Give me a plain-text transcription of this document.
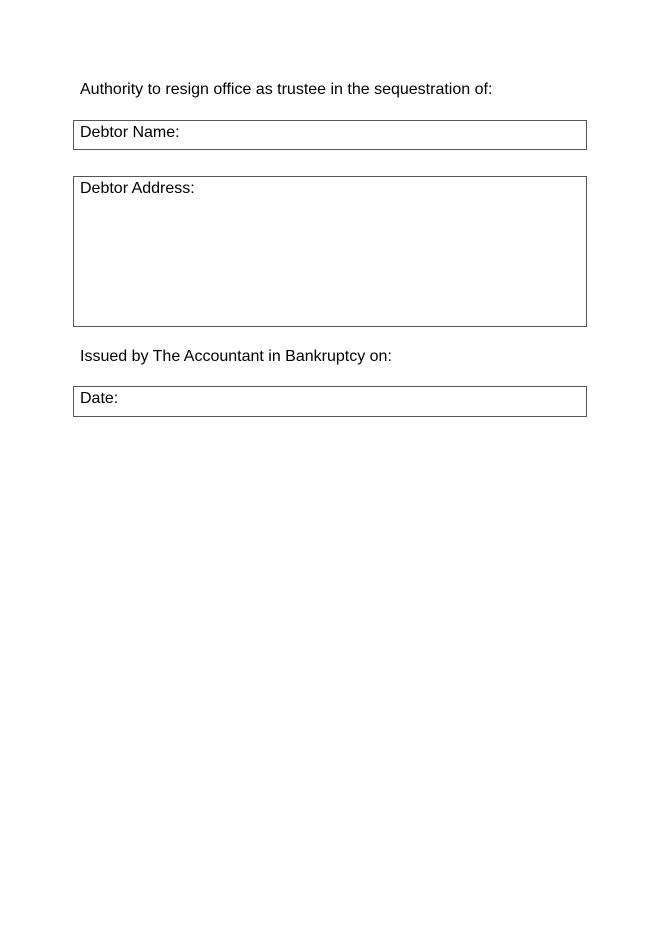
Authority to resign office as trustee in the sequestration of:
Debtor Name:
Debtor Address:
Issued by The Accountant in Bankruptcy on:
Date:
